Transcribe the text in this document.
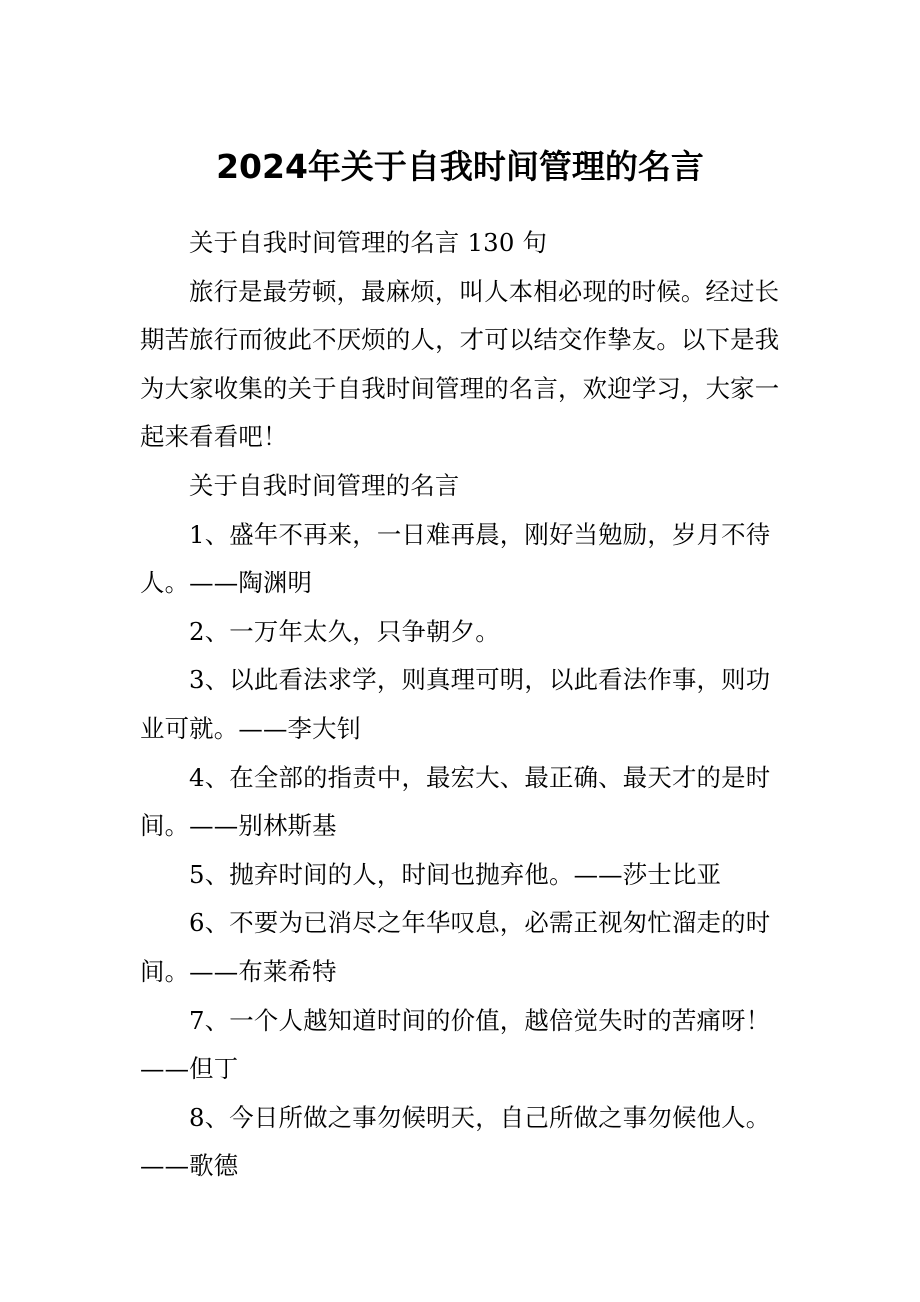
2024年关于自我时间管理的名言
关于自我时间管理的名言 130 句
旅行是最劳顿，最麻烦，叫人本相必现的时候。经过长
期苦旅行而彼此不厌烦的人，才可以结交作挚友。以下是我
为大家收集的关于自我时间管理的名言，欢迎学习，大家一
起来看看吧！
关于自我时间管理的名言
1、盛年不再来，一日难再晨，刚好当勉励，岁月不待
人。——陶渊明
2、一万年太久，只争朝夕。
3、以此看法求学，则真理可明，以此看法作事，则功
业可就。——李大钊
4、在全部的指责中，最宏大、最正确、最天才的是时
间。——别林斯基
5、抛弃时间的人，时间也抛弃他。——莎士比亚
6、不要为已消尽之年华叹息，必需正视匆忙溜走的时
间。——布莱希特
7、一个人越知道时间的价值，越倍觉失时的苦痛呀！
——但丁
8、今日所做之事勿候明天，自己所做之事勿候他人。
——歌德
